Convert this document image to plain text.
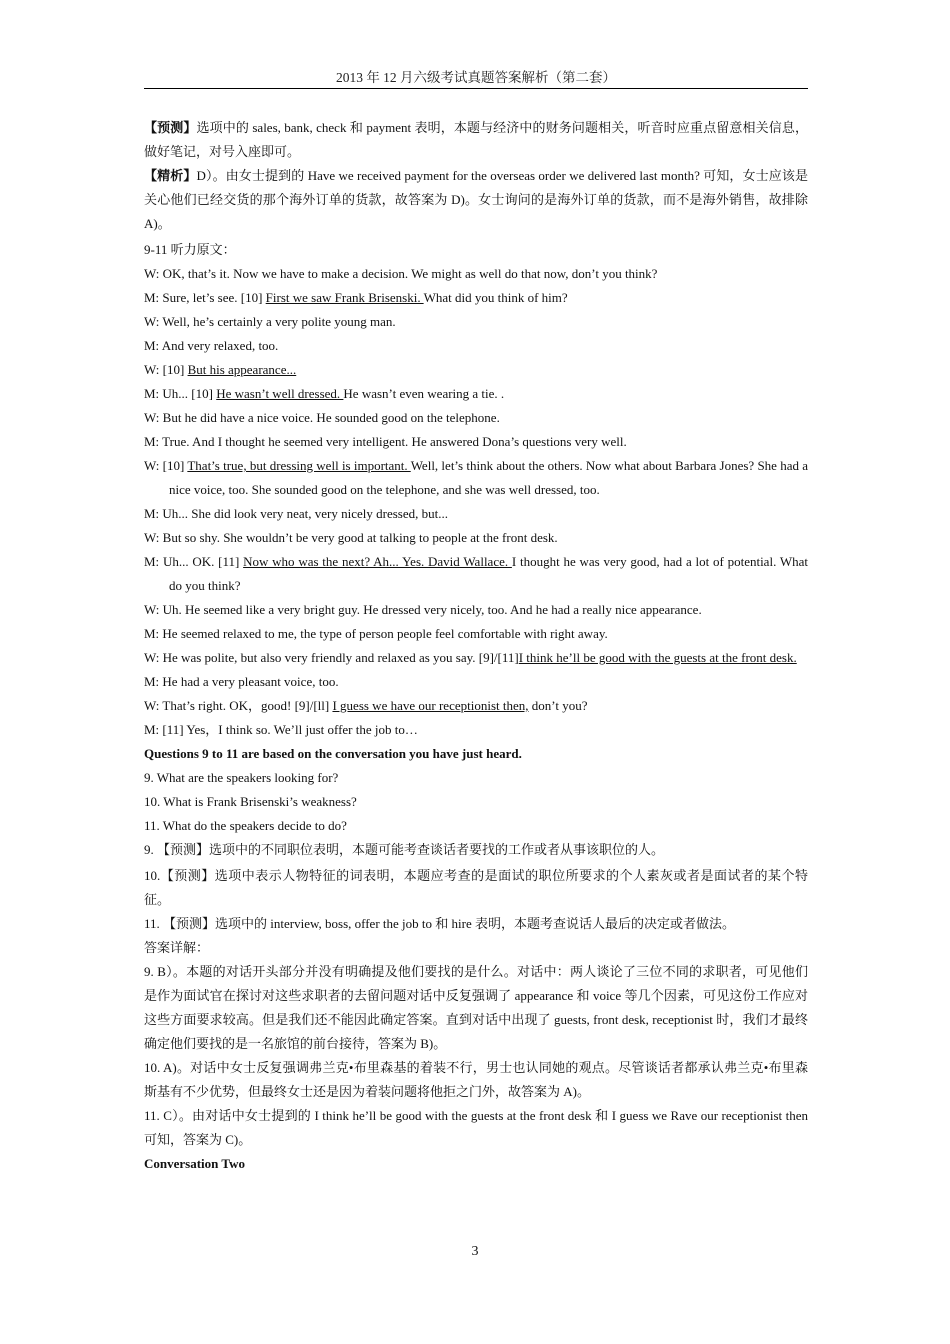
2013 年 12 月六级考试真题答案解析（第二套）

【预测】选项中的 sales, bank, check 和 payment 表明，本题与经济中的财务问题相关，听音时应重点留意相关信息，做好笔记，对号入座即可。

【精析】D）。由女士提到的 Have we received payment for the overseas order we delivered last month? 可知，女士应该是关心他们已经交货的那个海外订单的货款，故答案为 D)。女士询问的是海外订单的货款，而不是海外销售，故排除 A)。

9-11 听力原文：

W: OK, that’s it. Now we have to make a decision. We might as well do that now, don’t you think?

M: Sure, let’s see. [10] First we saw Frank Brisenski. What did you think of him?

W: Well, he’s certainly a very polite young man.

M: And very relaxed, too.

W: [10] But his appearance...

M: Uh... [10] He wasn’t well dressed. He wasn’t even wearing a tie. .

W: But he did have a nice voice. He sounded good on the telephone.

M: True. And I thought he seemed very intelligent. He answered Dona’s questions very well.

W: [10] That’s true, but dressing well is important. Well, let’s think about the others. Now what about Barbara Jones? She had a nice voice, too. She sounded good on the telephone, and she was well dressed, too.

M: Uh... She did look very neat, very nicely dressed, but...

W: But so shy. She wouldn’t be very good at talking to people at the front desk.

M: Uh... OK. [11] Now who was the next? Ah... Yes. David Wallace. I thought he was very good, had a lot of potential. What do you think?

W: Uh. He seemed like a very bright guy. He dressed very nicely, too. And he had a really nice appearance.

M: He seemed relaxed to me, the type of person people feel comfortable with right away.

W: He was polite, but also very friendly and relaxed as you say. [9]/[11]I think he’ll be good with the guests at the front desk.

M: He had a very pleasant voice, too.

W: That’s right. OK，good! [9]/[ll] I guess we have our receptionist then, don’t you?

M: [11] Yes，I think so. We’ll just offer the job to…

Questions 9 to 11 are based on the conversation you have just heard.

9. What are the speakers looking for?

10. What is Frank Brisenski’s weakness?

11. What do the speakers decide to do?

9. 【预测】选项中的不同职位表明，本题可能考查谈话者要找的工作或者从事该职位的人。

10.【预测】选项中表示人物特征的词表明，本题应考查的是面试的职位所要求的个人素灰或者是面试者的某个特征。

11. 【预测】选项中的 interview, boss, offer the job to 和 hire 表明，本题考查说话人最后的决定或者做法。

答案详解：

9. B）。本题的对话开头部分并没有明确提及他们要找的是什么。对话中：两人谈论了三位不同的求职者，可见他们是作为面试官在探讨对这些求职者的去留问题对话中反复强调了 appearance 和 voice 等几个因素，可见这份工作应对这些方面要求较高。但是我们还不能因此确定答案。直到对话中出现了 guests, front desk, receptionist 时，我们才最终确定他们要找的是一名旅馆的前台接待，答案为 B)。

10. A)。对话中女士反复强调弗兰克•布里森基的着装不行，男士也认同她的观点。尽管谈话者都承认弗兰克•布里森斯基有不少优势，但最终女士还是因为着装问题将他拒之门外，故答案为 A)。

11. C）。由对话中女士提到的 I think he’ll be good with the guests at the front desk 和 I guess we Rave our receptionist then 可知，答案为 C)。

Conversation Two

3
